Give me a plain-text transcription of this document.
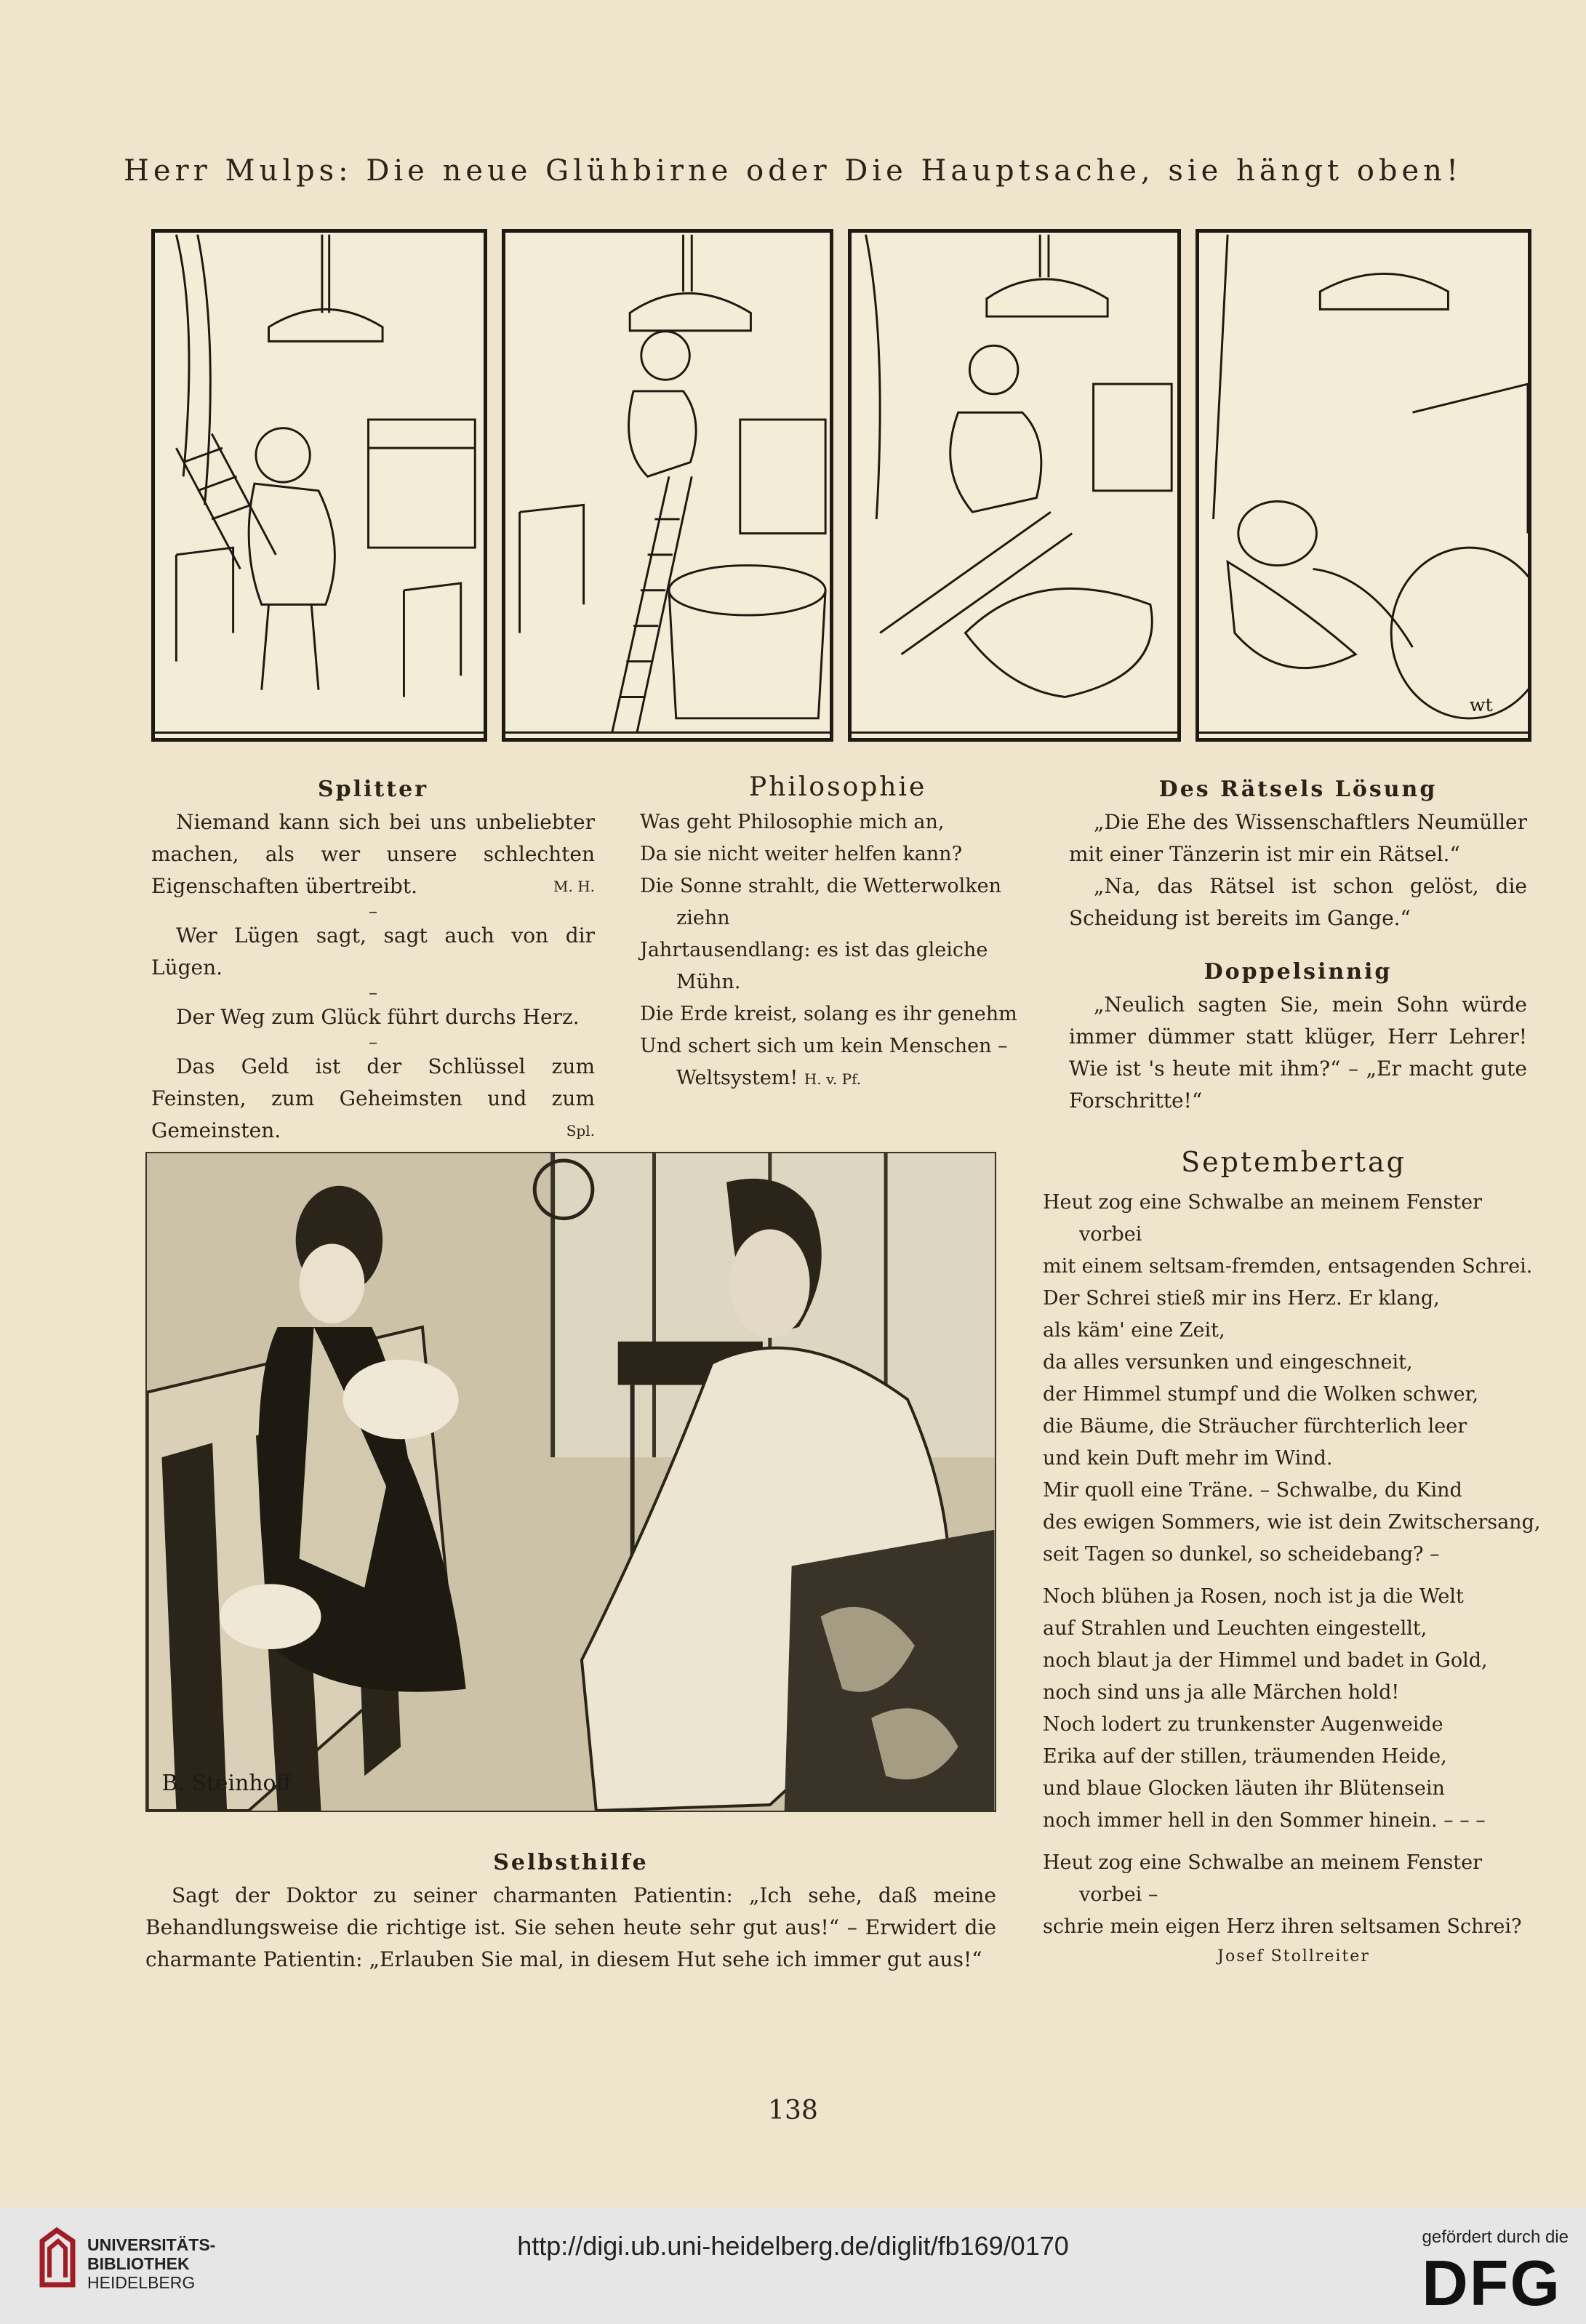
Herr Mulps: Die neue Glühbirne oder Die Hauptsache, sie hängt oben!
wt
Splitter

Niemand kann sich bei uns unbeliebter machen, als wer unsere schlechten Eigenschaften übertreibt.	M. H.

–

Wer Lügen sagt, sagt auch von dir Lügen.

–

Der Weg zum Glück führt durchs Herz.

–

Das Geld ist der Schlüssel zum Feinsten, zum Geheimsten und zum Gemeinsten.	Spl.

Philosophie
Was geht Philosophie mich an,
Da sie nicht weiter helfen kann?
Die Sonne strahlt, die Wetterwolken
ziehn
Jahrtausendlang: es ist das gleiche
Mühn.
Die Erde kreist, solang es ihr genehm
Und schert sich um kein Menschen –
Weltsystem! H. v. Pf.
Des Rätsels Lösung

„Die Ehe des Wissenschaftlers Neumüller mit einer Tänzerin ist mir ein Rätsel.“

„Na, das Rätsel ist schon gelöst, die Scheidung ist bereits im Gange.“

Doppelsinnig

„Neulich sagten Sie, mein Sohn würde immer dümmer statt klüger, Herr Lehrer! Wie ist 's heute mit ihm?“ – „Er macht gute Forschritte!“

B. Steinhoff
Selbsthilfe

Sagt der Doktor zu seiner charmanten Patientin: „Ich sehe, daß meine Behandlungsweise die richtige ist. Sie sehen heute sehr gut aus!“ – Erwidert die charmante Patientin: „Erlauben Sie mal, in diesem Hut sehe ich immer gut aus!“

Septembertag
Heut zog eine Schwalbe an meinem Fenster
vorbei
mit einem seltsam-fremden, entsagenden Schrei.
Der Schrei stieß mir ins Herz. Er klang,
als käm' eine Zeit,
da alles versunken und eingeschneit,
der Himmel stumpf und die Wolken schwer,
die Bäume, die Sträucher fürchterlich leer
und kein Duft mehr im Wind.
Mir quoll eine Träne. – Schwalbe, du Kind
des ewigen Sommers, wie ist dein Zwitschersang,
seit Tagen so dunkel, so scheidebang? –
Noch blühen ja Rosen, noch ist ja die Welt
auf Strahlen und Leuchten eingestellt,
noch blaut ja der Himmel und badet in Gold,
noch sind uns ja alle Märchen hold!
Noch lodert zu trunkenster Augenweide
Erika auf der stillen, träumenden Heide,
und blaue Glocken läuten ihr Blütensein
noch immer hell in den Sommer hinein. – – –
Heut zog eine Schwalbe an meinem Fenster
vorbei –
schrie mein eigen Herz ihren seltsamen Schrei?
Josef Stollreiter
138
UNIVERSITÄTS-
BIBLIOTHEK
HEIDELBERG
http://digi.ub.uni-heidelberg.de/diglit/fb169/0170	gefördert durch die
DFG
